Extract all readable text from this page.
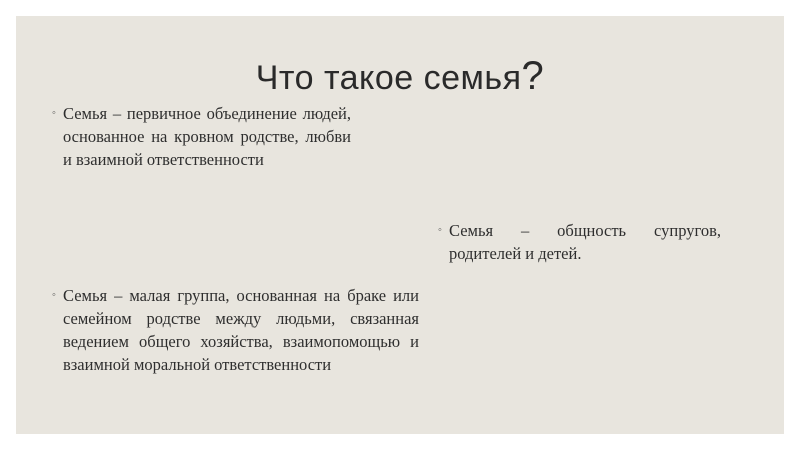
Что такое семья?
◦ Семья – первичное объединение людей, основанное на кровном родстве, любви и взаимной ответственности
◦ Семья – общность супругов, родителей и детей.
◦ Семья – малая группа, основанная на браке или семейном родстве между людьми, связанная ведением общего хозяйства, взаимопомощью и взаимной моральной ответственности
